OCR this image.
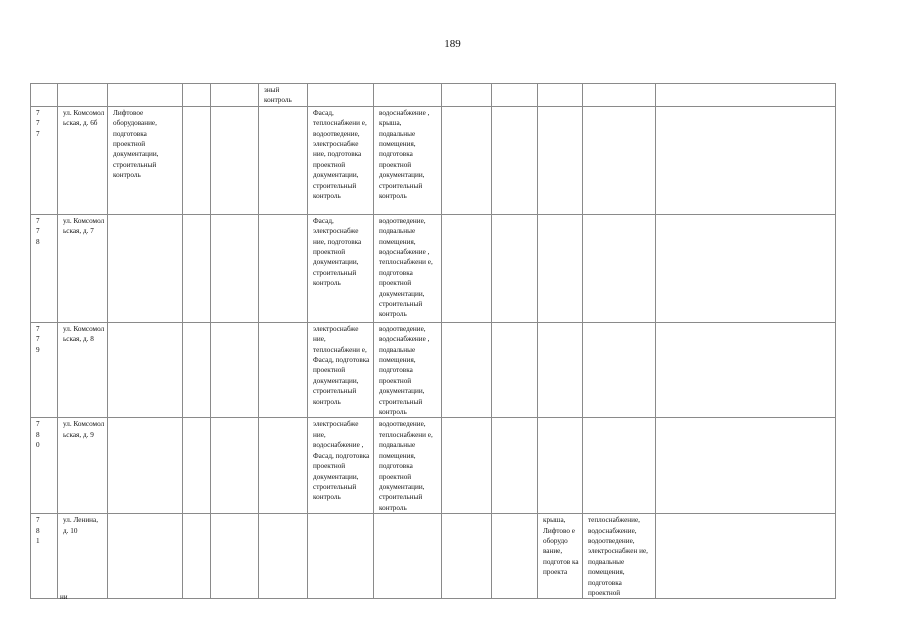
189
					зный контроль							
7
7
7	ул. Комсомол ьская, д. 6б	Лифтовое оборудование, подготовка проектной документации, строительный контроль				Фасад, теплоснабжени е, водоотведение, электроснабже ние, подготовка проектной документации, строительный контроль	водоснабжение , крыша, подвальные помещения, подготовка проектной документации, строительный контроль					
7
7
8	ул. Комсомол ьская, д. 7					Фасад, электроснабже ние, подготовка проектной документации, строительный контроль	водоотведение, подвальные помещения, водоснабжение , теплоснабжени е, подготовка проектной документации, строительный контроль					
7
7
9	ул. Комсомол ьская, д. 8					электроснабже ние, теплоснабжени е, Фасад, подготовка проектной документации, строительный контроль	водоотведение, водоснабжение , подвальные помещения, подготовка проектной документации, строительный контроль					
7
8
0	ул. Комсомол ьская, д. 9					электроснабже ние, водоснабжение , Фасад, подготовка проектной документации, строительный контроль	водоотведение, теплоснабжени е, подвальные помещения, подготовка проектной документации, строительный контроль					
7
8
1	ул. Ленина, д. 10									крыша, Лифтово е оборудо вание, подготов ка проекта	теплоснабжение, водоснабжение, водоотведение, электроснабжен ие, подвальные помещения, подготовка проектной	
ни
